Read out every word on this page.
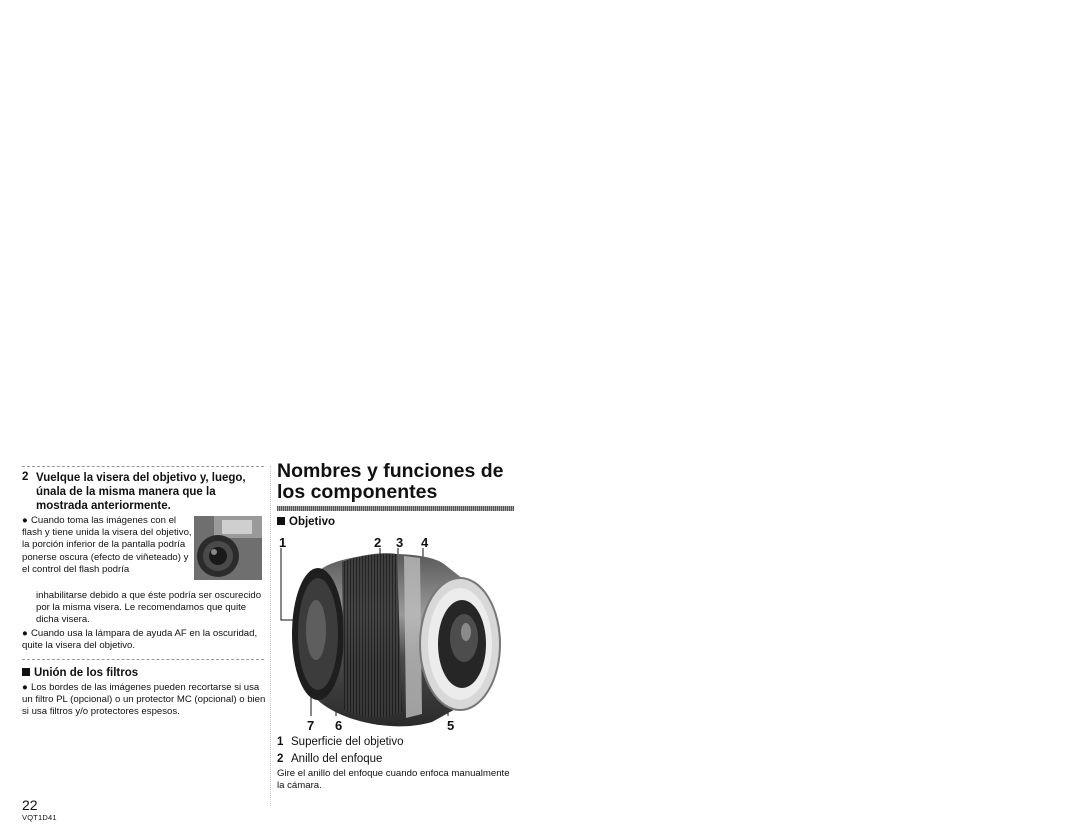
2 Vuelque la visera del objetivo y, luego, únala de la misma manera que la mostrada anteriormente.
● Cuando toma las imágenes con el flash y tiene unida la visera del objetivo, la porción inferior de la pantalla podría ponerse oscura (efecto de viñeteado) y el control del flash podría
inhabilitarse debido a que éste podría ser oscurecido por la misma visera. Le recomendamos que quite dicha visera.
● Cuando usa la lámpara de ayuda AF en la oscuridad, quite la visera del objetivo.
Unión de los filtros
● Los bordes de las imágenes pueden recortarse si usa un filtro PL (opcional) o un protector MC (opcional) o bien si usa filtros y/o protectores espesos.
22
VQT1D41
Nombres y funciones de
los componentes
Objetivo
1	2 3 4
7 6	5
1 Superficie del objetivo
2 Anillo del enfoque
Gire el anillo del enfoque cuando enfoca manualmente la cámara.
